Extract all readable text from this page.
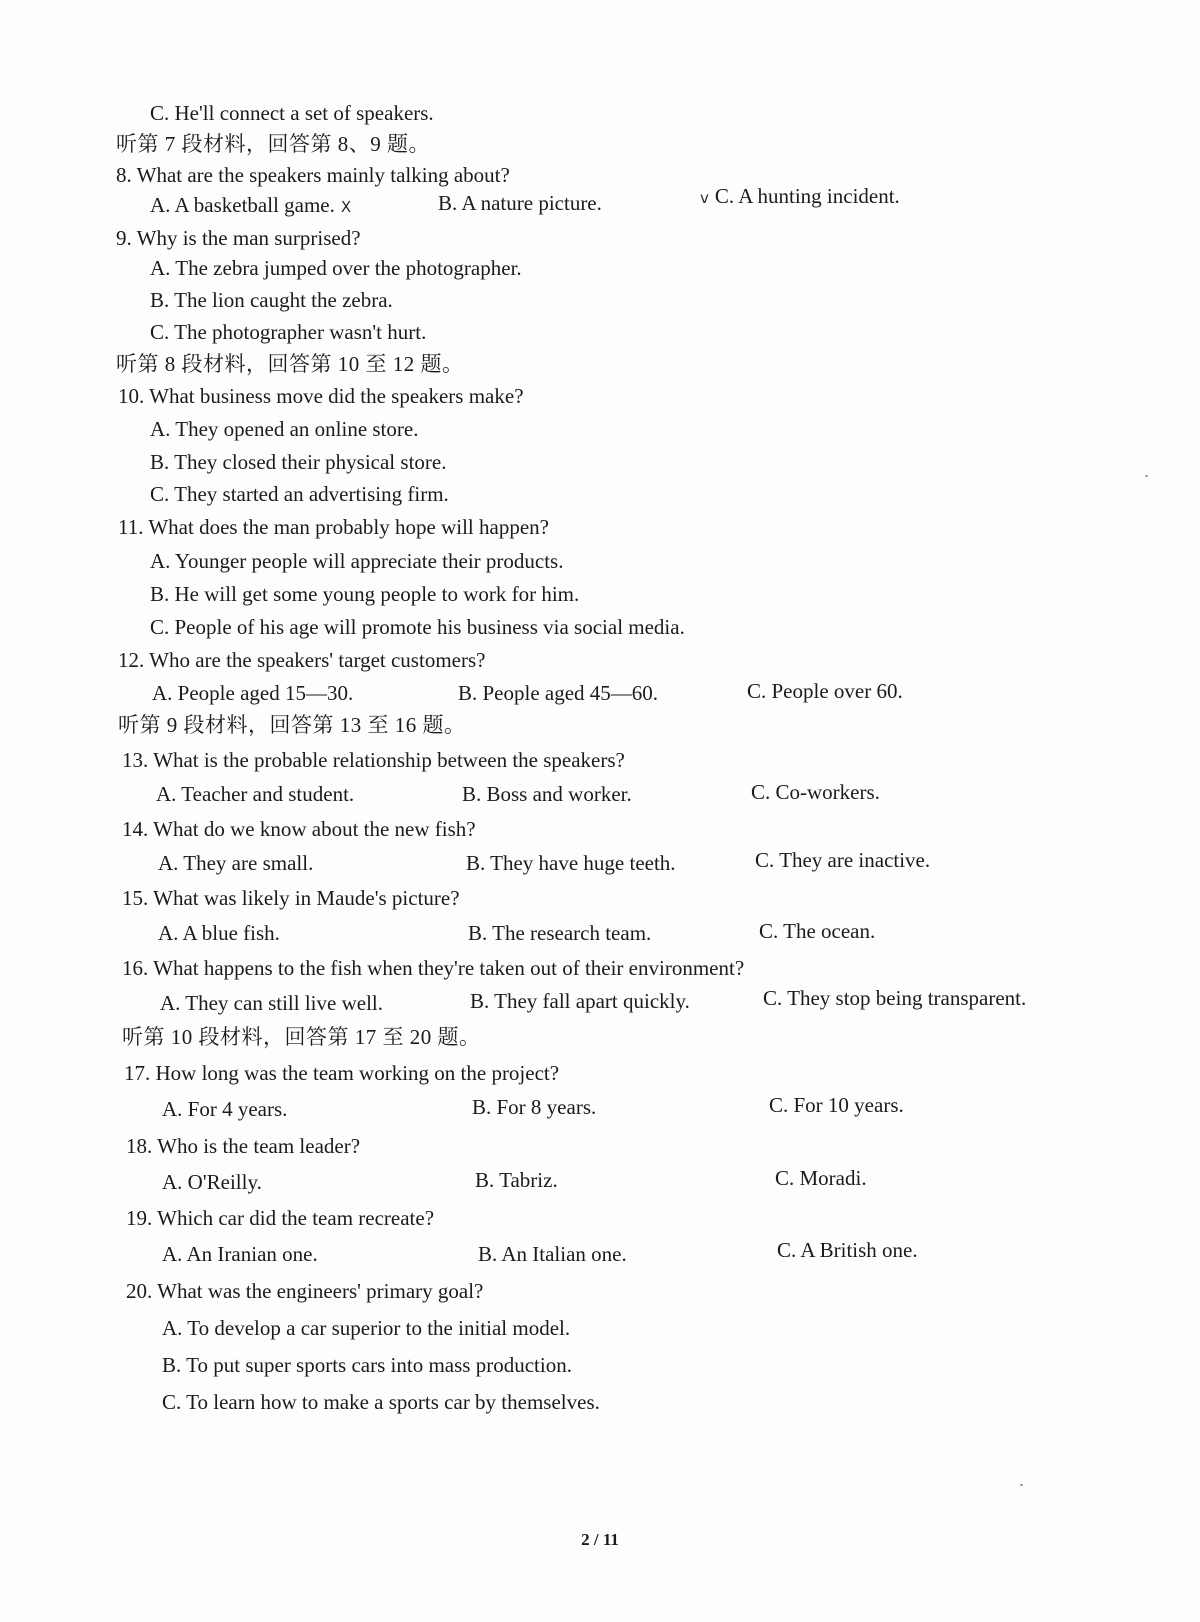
C. He'll connect a set of speakers.
听第 7 段材料，回答第 8、9 题。
8. What are the speakers mainly talking about?
A. A basketball game. X	B. A nature picture.	v C. A hunting incident.
9. Why is the man surprised?
A. The zebra jumped over the photographer.
B. The lion caught the zebra.
C. The photographer wasn't hurt.
听第 8 段材料，回答第 10 至 12 题。
10. What business move did the speakers make?
A. They opened an online store.
B. They closed their physical store.
C. They started an advertising firm.
11. What does the man probably hope will happen?
A. Younger people will appreciate their products.
B. He will get some young people to work for him.
C. People of his age will promote his business via social media.
12. Who are the speakers' target customers?
A. People aged 15—30.	B. People aged 45—60.	C. People over 60.
听第 9 段材料，回答第 13 至 16 题。
13. What is the probable relationship between the speakers?
A. Teacher and student.	B. Boss and worker.	C. Co-workers.
14. What do we know about the new fish?
A. They are small.	B. They have huge teeth.	C. They are inactive.
15. What was likely in Maude's picture?
A. A blue fish.	B. The research team.	C. The ocean.
16. What happens to the fish when they're taken out of their environment?
A. They can still live well.	B. They fall apart quickly.	C. They stop being transparent.
听第 10 段材料，回答第 17 至 20 题。
17. How long was the team working on the project?
A. For 4 years.	B. For 8 years.	C. For 10 years.
18. Who is the team leader?
A. O'Reilly.	B. Tabriz.	C. Moradi.
19. Which car did the team recreate?
A. An Iranian one.	B. An Italian one.	C. A British one.
20. What was the engineers' primary goal?
A. To develop a car superior to the initial model.
B. To put super sports cars into mass production.
C. To learn how to make a sports car by themselves.
2 / 11
